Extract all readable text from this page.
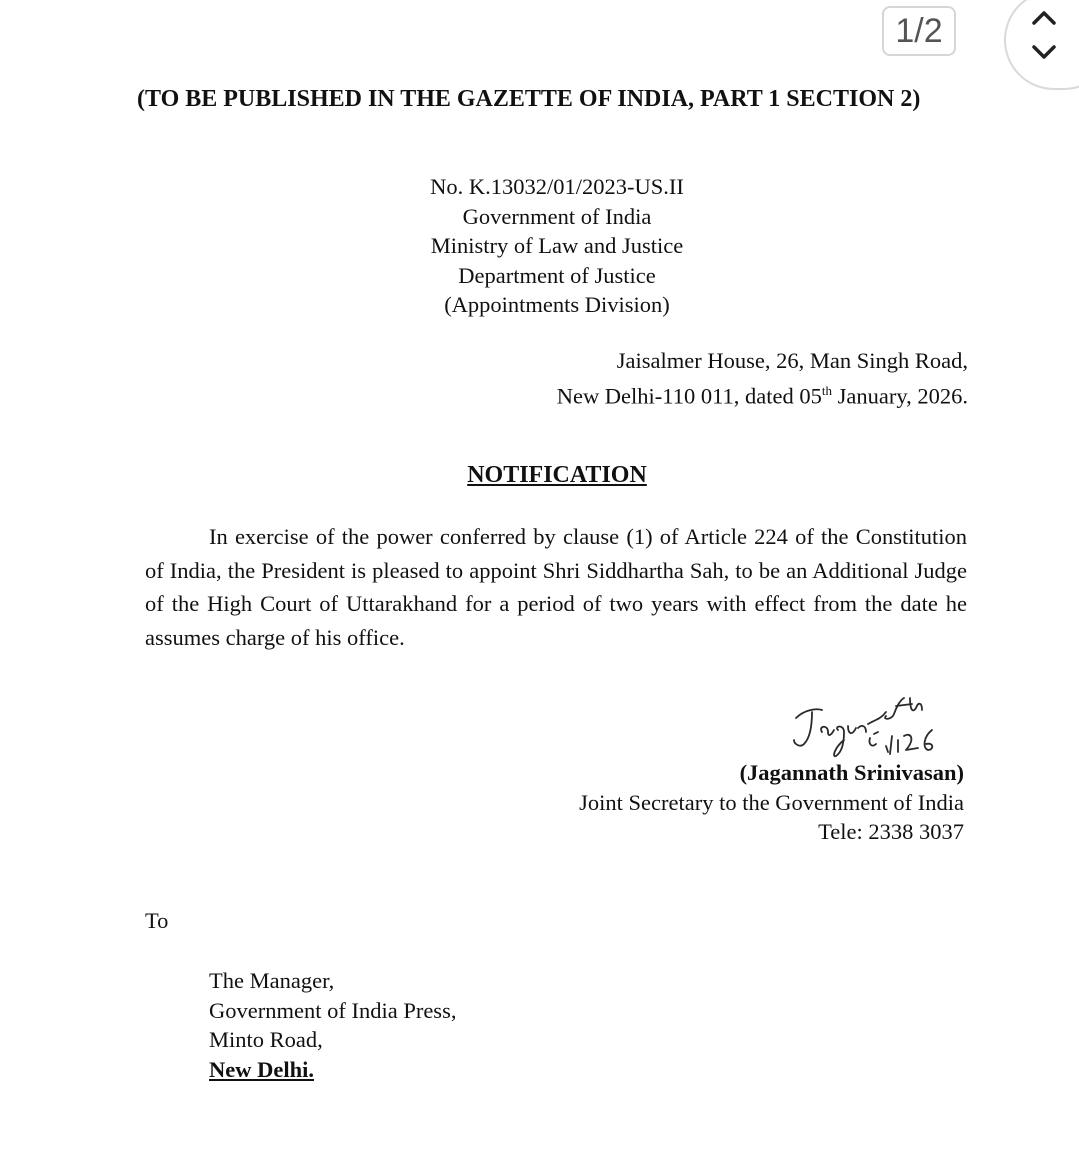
1/2
(TO BE PUBLISHED IN THE GAZETTE OF INDIA, PART 1 SECTION 2)
No. K.13032/01/2023-US.II
Government of India
Ministry of Law and Justice
Department of Justice
(Appointments Division)
Jaisalmer House, 26, Man Singh Road,
New Delhi-110 011, dated 05th January, 2026.
NOTIFICATION

In exercise of the power conferred by clause (1) of Article 224 of the Constitution of India, the President is pleased to appoint Shri Siddhartha Sah, to be an Additional Judge of the High Court of Uttarakhand for a period of two years with effect from the date he assumes charge of his office.

(Jagannath Srinivasan)
Joint Secretary to the Government of India
Tele: 2338 3037
To
The Manager,
Government of India Press,
Minto Road,
New Delhi.
